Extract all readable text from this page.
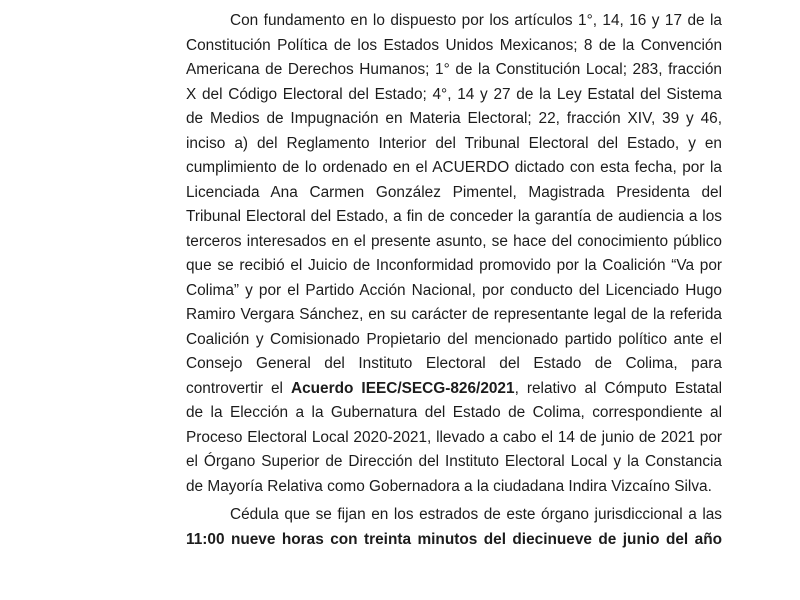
Con fundamento en lo dispuesto por los artículos 1°, 14, 16 y 17 de la
Constitución Política de los Estados Unidos Mexicanos; 8 de la Convención
Americana de Derechos Humanos; 1° de la Constitución Local; 283, fracción
X del Código Electoral del Estado; 4°, 14 y 27 de la Ley Estatal del Sistema
de Medios de Impugnación en Materia Electoral; 22, fracción XIV, 39 y 46,
inciso a) del Reglamento Interior del Tribunal Electoral del Estado, y en
cumplimiento de lo ordenado en el ACUERDO dictado con esta fecha, por la
Licenciada Ana Carmen González Pimentel, Magistrada Presidenta del
Tribunal Electoral del Estado, a fin de conceder la garantía de audiencia a los
terceros interesados en el presente asunto, se hace del conocimiento público
que se recibió el Juicio de Inconformidad promovido por la Coalición “Va por
Colima” y por el Partido Acción Nacional, por conducto del Licenciado Hugo
Ramiro Vergara Sánchez, en su carácter de representante legal de la referida
Coalición y Comisionado Propietario del mencionado partido político ante el
Consejo General del Instituto Electoral del Estado de Colima, para
controvertir el Acuerdo IEEC/SECG-826/2021, relativo al Cómputo Estatal
de la Elección a la Gubernatura del Estado de Colima, correspondiente al
Proceso Electoral Local 2020-2021, llevado a cabo el 14 de junio de 2021 por
el Órgano Superior de Dirección del Instituto Electoral Local y la Constancia
de Mayoría Relativa como Gobernadora a la ciudadana Indira Vizcaíno Silva.
Cédula que se fijan en los estrados de este órgano jurisdiccional a las
11:00 nueve horas con treinta minutos del diecinueve de junio del año
